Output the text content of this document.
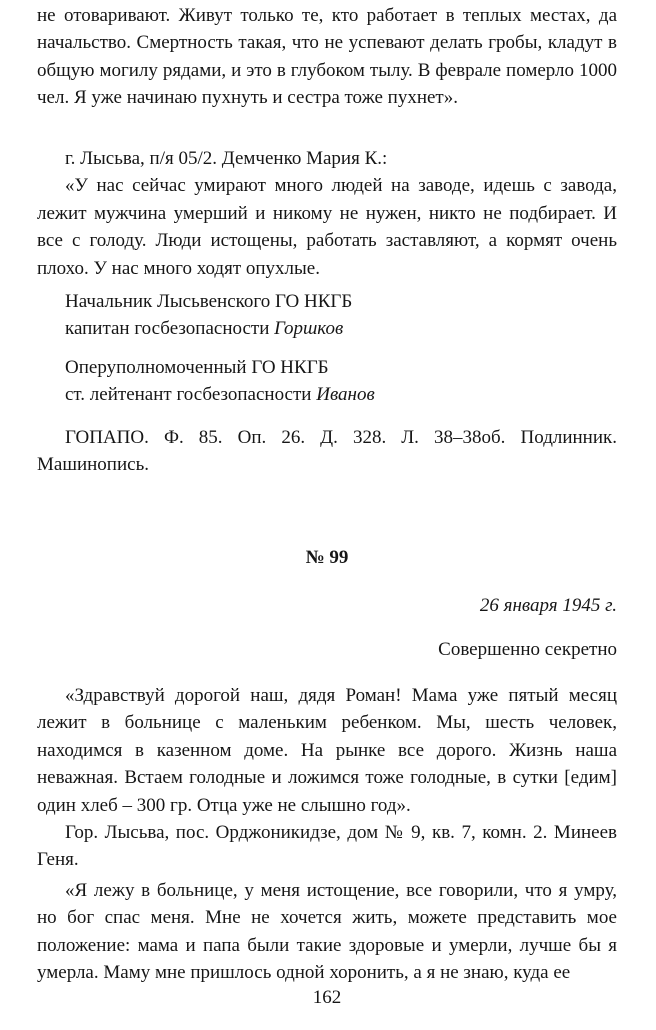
не отоваривают. Живут только те, кто работает в теплых местах, да начальство. Смертность такая, что не успевают делать гробы, кладут в общую могилу рядами, и это в глубоком тылу. В феврале померло 1000 чел. Я уже начинаю пухнуть и сестра тоже пухнет».

г. Лысьва, п/я 05/2. Демченко Мария К.:

«У нас сейчас умирают много людей на заводе, идешь с завода, лежит мужчина умерший и никому не нужен, никто не подбирает. И все с голоду. Люди истощены, работать заставляют, а кормят очень плохо. У нас много ходят опухлые.

Начальник Лысьвенского ГО НКГБ

капитан госбезопасности Горшков

Оперуполномоченный ГО НКГБ

ст. лейтенант госбезопасности Иванов

ГОПАПО. Ф. 85. Оп. 26. Д. 328. Л. 38–38об. Подлинник. Машинопись.

№ 99

26 января 1945 г.

Совершенно секретно

«Здравствуй дорогой наш, дядя Роман! Мама уже пятый месяц лежит в больнице с маленьким ребенком. Мы, шесть человек, находимся в казенном доме. На рынке все дорого. Жизнь наша неважная. Встаем голодные и ложимся тоже голодные, в сутки [едим] один хлеб – 300 гр. Отца уже не слышно год».

Гор. Лысьва, пос. Орджоникидзе, дом № 9, кв. 7, комн. 2. Минеев Геня.

«Я лежу в больнице, у меня истощение, все говорили, что я умру, но бог спас меня. Мне не хочется жить, можете представить мое положение: мама и папа были такие здоровые и умерли, лучше бы я умерла. Маму мне пришлось одной хоронить, а я не знаю, куда ее

162
